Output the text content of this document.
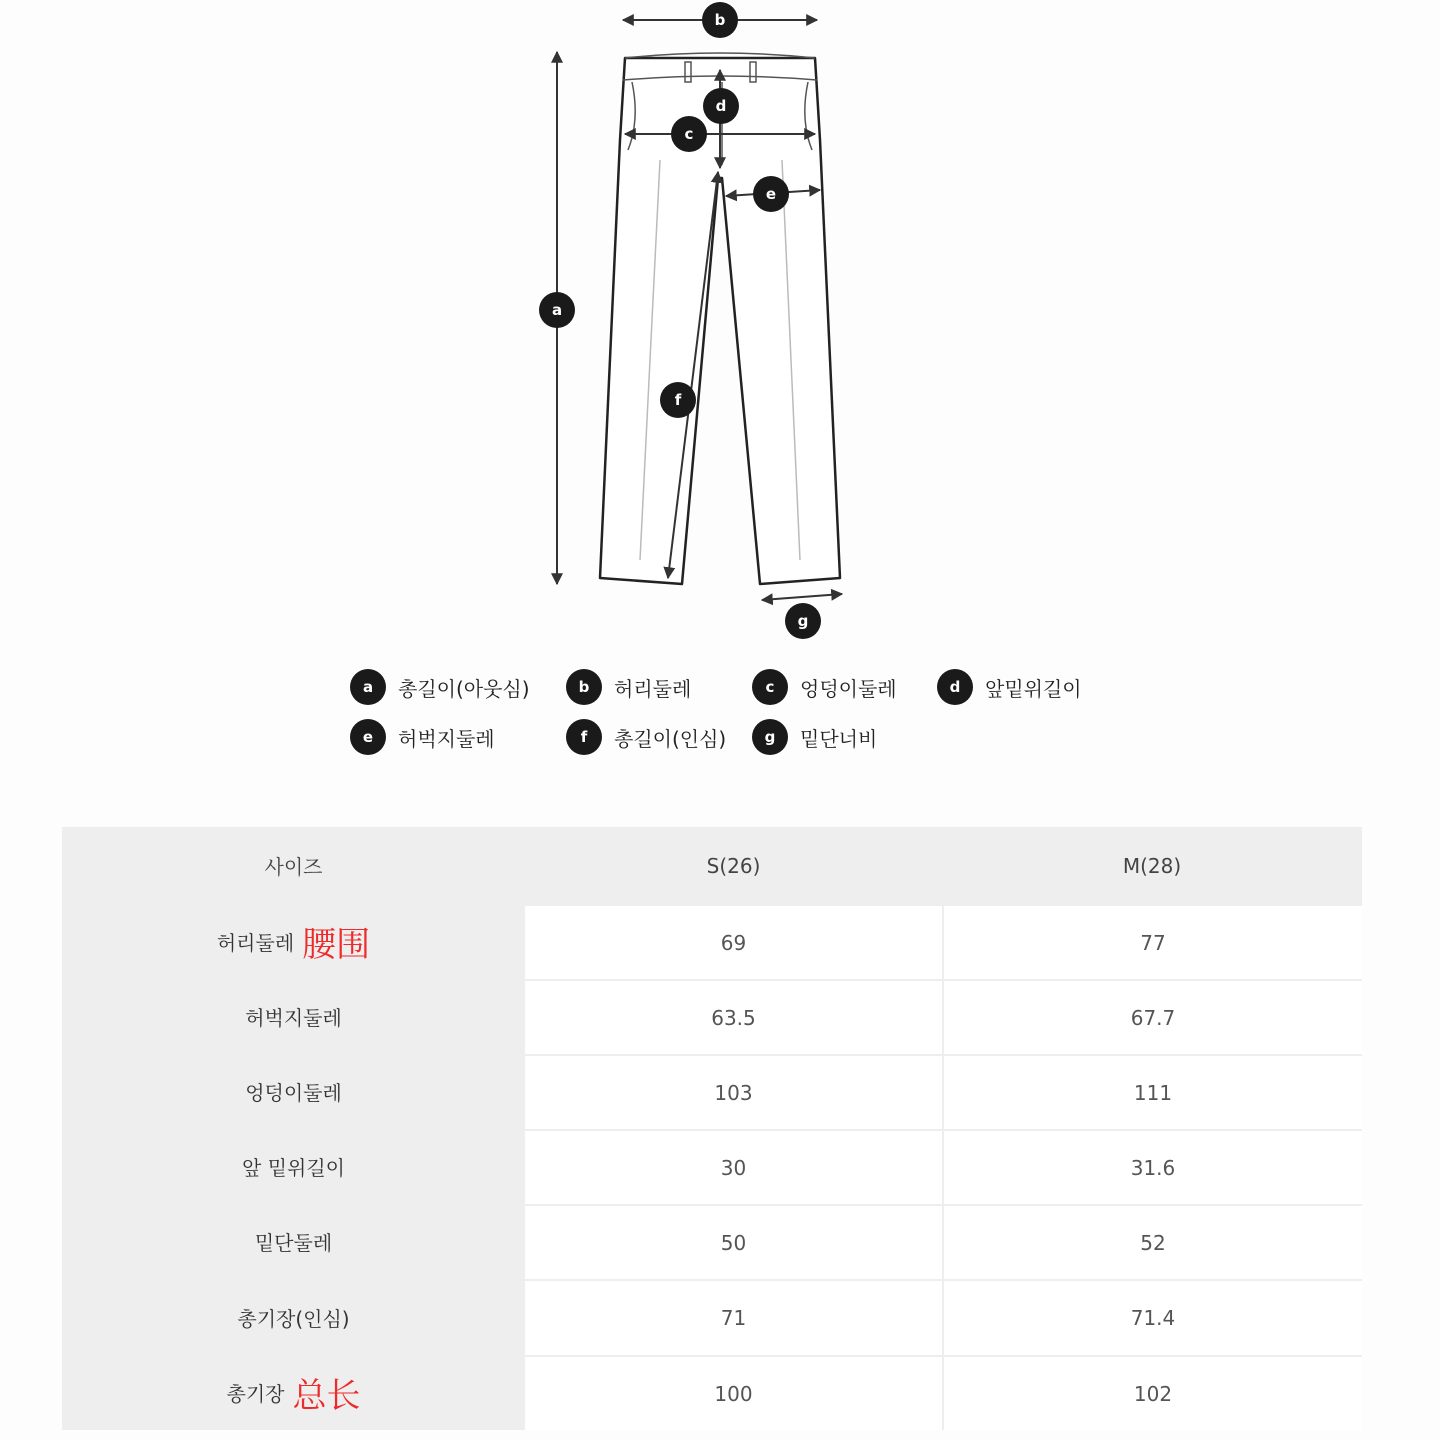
b
a
c
d
e
f
g
a	총길이(아웃심)	b	허리둘레	c	엉덩이둘레	d	앞밑위길이
e	허벅지둘레	f	총길이(인심)	g	밑단너비
사이즈	S(26)	M(28)
허리둘레 腰围	69	77
허벅지둘레	63.5	67.7
엉덩이둘레	103	111
앞 밑위길이	30	31.6
밑단둘레	50	52
총기장(인심)	71	71.4
총기장 总长	100	102
